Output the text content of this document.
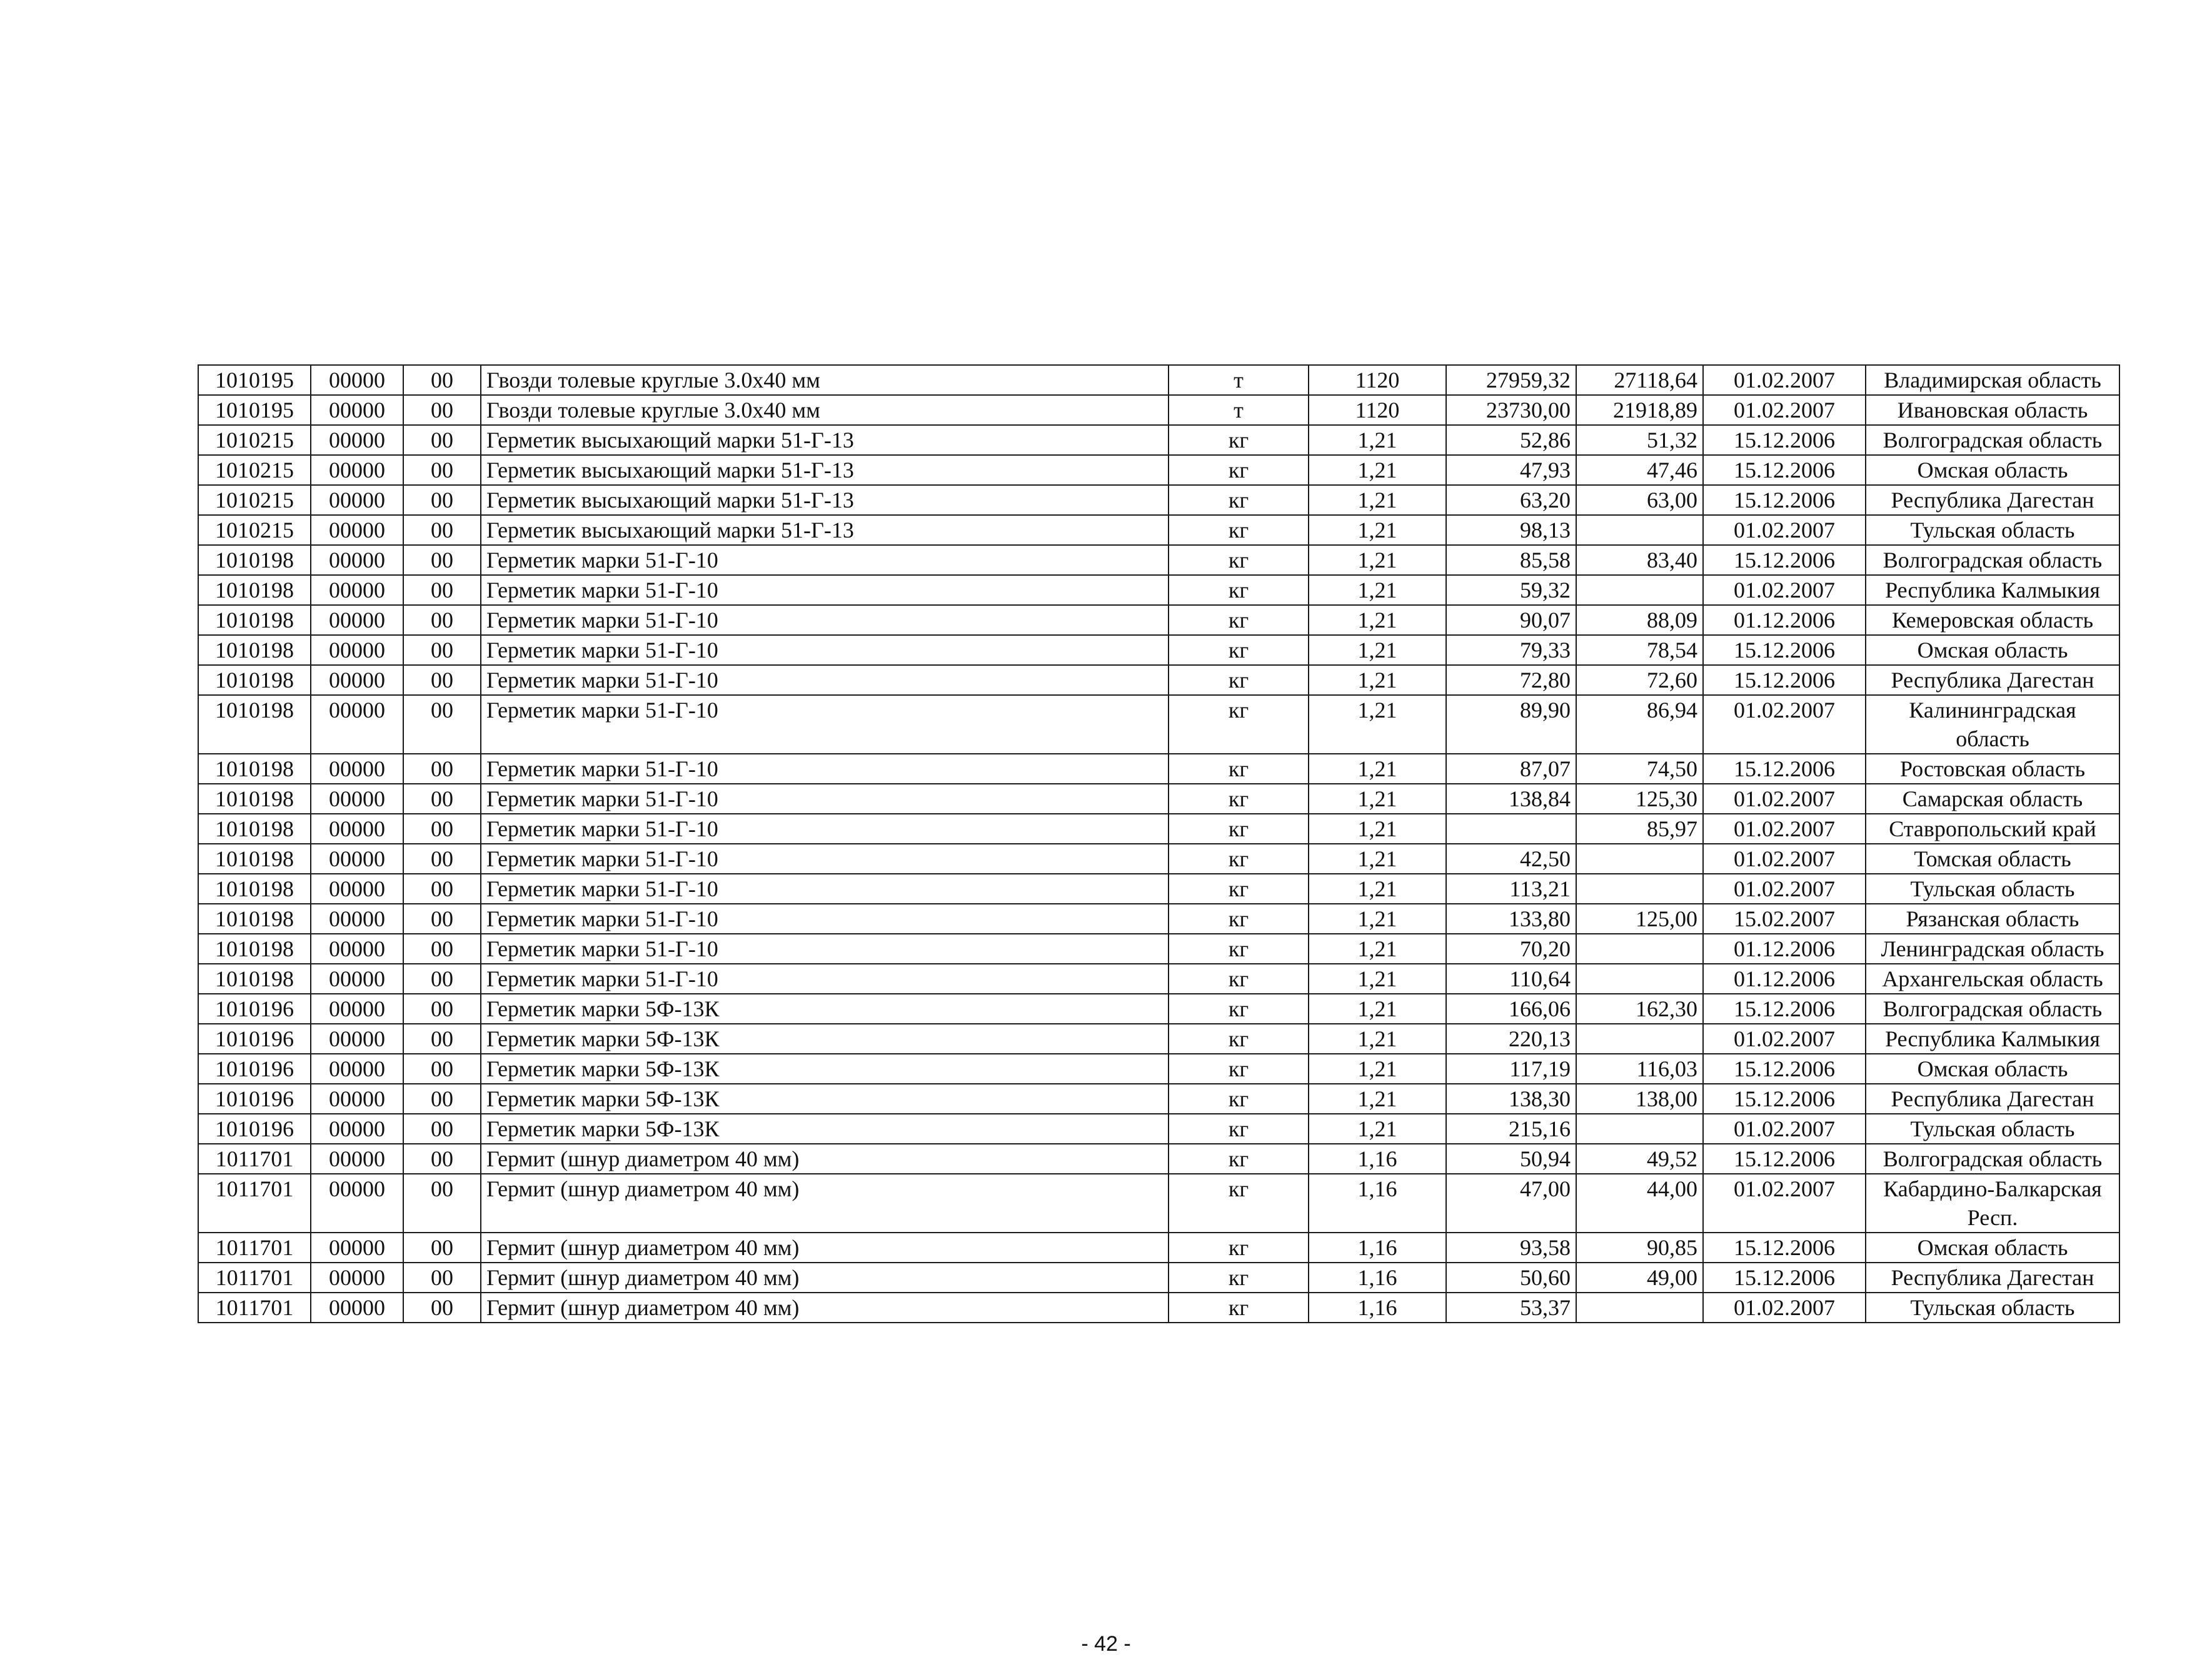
1010195	00000	00	Гвозди толевые круглые 3.0х40 мм	т	1120	27959,32	27118,64	01.02.2007	Владимирская область
1010195	00000	00	Гвозди толевые круглые 3.0х40 мм	т	1120	23730,00	21918,89	01.02.2007	Ивановская область
1010215	00000	00	Герметик высыхающий марки 51-Г-13	кг	1,21	52,86	51,32	15.12.2006	Волгоградская область
1010215	00000	00	Герметик высыхающий марки 51-Г-13	кг	1,21	47,93	47,46	15.12.2006	Омская область
1010215	00000	00	Герметик высыхающий марки 51-Г-13	кг	1,21	63,20	63,00	15.12.2006	Республика Дагестан
1010215	00000	00	Герметик высыхающий марки 51-Г-13	кг	1,21	98,13		01.02.2007	Тульская область
1010198	00000	00	Герметик марки 51-Г-10	кг	1,21	85,58	83,40	15.12.2006	Волгоградская область
1010198	00000	00	Герметик марки 51-Г-10	кг	1,21	59,32		01.02.2007	Республика Калмыкия
1010198	00000	00	Герметик марки 51-Г-10	кг	1,21	90,07	88,09	01.12.2006	Кемеровская область
1010198	00000	00	Герметик марки 51-Г-10	кг	1,21	79,33	78,54	15.12.2006	Омская область
1010198	00000	00	Герметик марки 51-Г-10	кг	1,21	72,80	72,60	15.12.2006	Республика Дагестан
1010198	00000	00	Герметик марки 51-Г-10	кг	1,21	89,90	86,94	01.02.2007	Калининградская область
1010198	00000	00	Герметик марки 51-Г-10	кг	1,21	87,07	74,50	15.12.2006	Ростовская область
1010198	00000	00	Герметик марки 51-Г-10	кг	1,21	138,84	125,30	01.02.2007	Самарская область
1010198	00000	00	Герметик марки 51-Г-10	кг	1,21		85,97	01.02.2007	Ставропольский край
1010198	00000	00	Герметик марки 51-Г-10	кг	1,21	42,50		01.02.2007	Томская область
1010198	00000	00	Герметик марки 51-Г-10	кг	1,21	113,21		01.02.2007	Тульская область
1010198	00000	00	Герметик марки 51-Г-10	кг	1,21	133,80	125,00	15.02.2007	Рязанская область
1010198	00000	00	Герметик марки 51-Г-10	кг	1,21	70,20		01.12.2006	Ленинградская область
1010198	00000	00	Герметик марки 51-Г-10	кг	1,21	110,64		01.12.2006	Архангельская область
1010196	00000	00	Герметик марки 5Ф-13К	кг	1,21	166,06	162,30	15.12.2006	Волгоградская область
1010196	00000	00	Герметик марки 5Ф-13К	кг	1,21	220,13		01.02.2007	Республика Калмыкия
1010196	00000	00	Герметик марки 5Ф-13К	кг	1,21	117,19	116,03	15.12.2006	Омская область
1010196	00000	00	Герметик марки 5Ф-13К	кг	1,21	138,30	138,00	15.12.2006	Республика Дагестан
1010196	00000	00	Герметик марки 5Ф-13К	кг	1,21	215,16		01.02.2007	Тульская область
1011701	00000	00	Гермит (шнур диаметром 40 мм)	кг	1,16	50,94	49,52	15.12.2006	Волгоградская область
1011701	00000	00	Гермит (шнур диаметром 40 мм)	кг	1,16	47,00	44,00	01.02.2007	Кабардино-Балкарская Респ.
1011701	00000	00	Гермит (шнур диаметром 40 мм)	кг	1,16	93,58	90,85	15.12.2006	Омская область
1011701	00000	00	Гермит (шнур диаметром 40 мм)	кг	1,16	50,60	49,00	15.12.2006	Республика Дагестан
1011701	00000	00	Гермит (шнур диаметром 40 мм)	кг	1,16	53,37		01.02.2007	Тульская область
- 42 -
